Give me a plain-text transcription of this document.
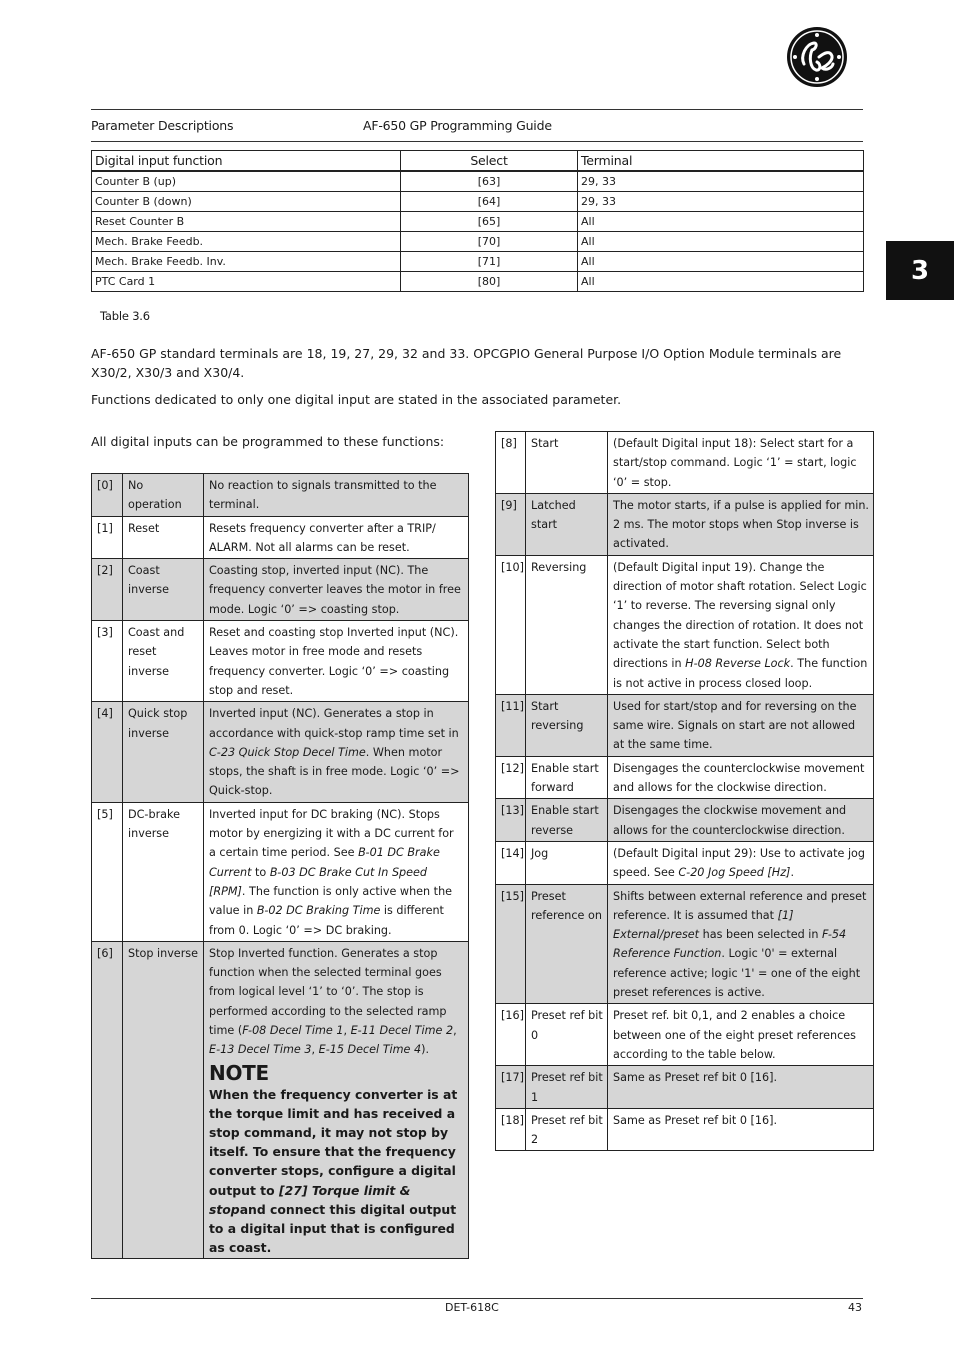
Parameter Descriptions	AF-650 GP Programming Guide
3
Digital input function	Select	Terminal
Counter B (up)	[63]	29, 33
Counter B (down)	[64]	29, 33
Reset Counter B	[65]	All
Mech. Brake Feedb.	[70]	All
Mech. Brake Feedb. Inv.	[71]	All
PTC Card 1	[80]	All
Table 3.6
AF-650 GP standard terminals are 18, 19, 27, 29, 32 and 33. OPCGPIO General Purpose I/O Option Module terminals are X30/2, X30/3 and X30/4.
Functions dedicated to only one digital input are stated in the associated parameter.
All digital inputs can be programmed to these functions:
[0]	No operation	No reaction to signals transmitted to the terminal.
[1]	Reset	Resets frequency converter after a TRIP/ ALARM. Not all alarms can be reset.
[2]	Coast inverse	Coasting stop, inverted input (NC). The frequency converter leaves the motor in free mode. Logic ‘0’ => coasting stop.
[3]	Coast and reset inverse	Reset and coasting stop Inverted input (NC). Leaves motor in free mode and resets frequency converter. Logic ‘0’ => coasting stop and reset.
[4]	Quick stop inverse	Inverted input (NC). Generates a stop in accordance with quick-stop ramp time set in C-23 Quick Stop Decel Time. When motor stops, the shaft is in free mode. Logic ‘0’ => Quick-stop.
[5]	DC-brake inverse	Inverted input for DC braking (NC). Stops motor by energizing it with a DC current for a certain time period. See B-01 DC Brake Current to B-03 DC Brake Cut In Speed [RPM]. The function is only active when the value in B-02 DC Braking Time is different from 0. Logic ‘0’ => DC braking.
[6]	Stop inverse	Stop Inverted function. Generates a stop function when the selected terminal goes from logical level ‘1’ to ‘0’. The stop is performed according to the selected ramp time (F-08 Decel Time 1, E-11 Decel Time 2, E-13 Decel Time 3, E-15 Decel Time 4).
NOTE
When the frequency converter is at the torque limit and has received a stop command, it may not stop by itself. To ensure that the frequency converter stops, configure a digital output to [27] Torque limit & stopand connect this digital output to a digital input that is configured as coast.
[8]	Start	(Default Digital input 18): Select start for a start/stop command. Logic ‘1’ = start, logic ‘0’ = stop.
[9]	Latched start	The motor starts, if a pulse is applied for min. 2 ms. The motor stops when Stop inverse is activated.
[10]	Reversing	(Default Digital input 19). Change the direction of motor shaft rotation. Select Logic ‘1’ to reverse. The reversing signal only changes the direction of rotation. It does not activate the start function. Select both directions in H-08 Reverse Lock. The function is not active in process closed loop.
[11]	Start reversing	Used for start/stop and for reversing on the same wire. Signals on start are not allowed at the same time.
[12]	Enable start forward	Disengages the counterclockwise movement and allows for the clockwise direction.
[13]	Enable start reverse	Disengages the clockwise movement and allows for the counterclockwise direction.
[14]	Jog	(Default Digital input 29): Use to activate jog speed. See C-20 Jog Speed [Hz].
[15]	Preset reference on	Shifts between external reference and preset reference. It is assumed that [1] External/preset has been selected in F-54 Reference Function. Logic '0' = external reference active; logic '1' = one of the eight preset references is active.
[16]	Preset ref bit 0	Preset ref. bit 0,1, and 2 enables a choice between one of the eight preset references according to the table below.
[17]	Preset ref bit 1	Same as Preset ref bit 0 [16].
[18]	Preset ref bit 2	Same as Preset ref bit 0 [16].
DET-618C	43
